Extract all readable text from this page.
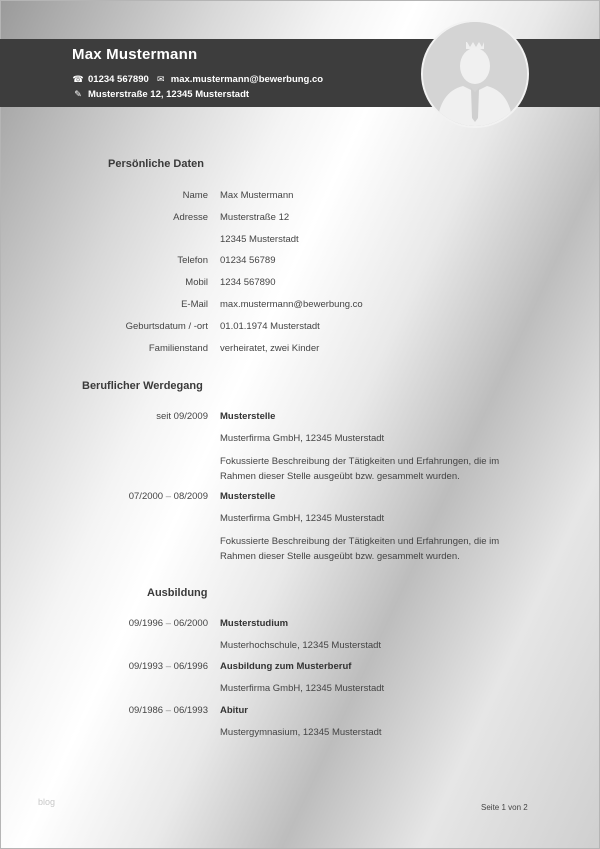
Max Mustermann
☎ 01234 567890 ✉ max.mustermann@bewerbung.co
✎ Musterstraße 12, 12345 Musterstadt
Persönliche Daten
Name Max Mustermann
Adresse Musterstraße 12
12345 Musterstadt
Telefon 01234 56789
Mobil 1234 567890
E-Mail max.mustermann@bewerbung.co
Geburtsdatum / -ort 01.01.1974 Musterstadt
Familienstand verheiratet, zwei Kinder
Beruflicher Werdegang
seit 09/2009 Musterstelle
Musterfirma GmbH, 12345 Musterstadt
Fokussierte Beschreibung der Tätigkeiten und Erfahrungen, die im Rahmen dieser Stelle ausgeübt bzw. gesammelt wurden.
07/2000 – 08/2009 Musterstelle
Musterfirma GmbH, 12345 Musterstadt
Fokussierte Beschreibung der Tätigkeiten und Erfahrungen, die im Rahmen dieser Stelle ausgeübt bzw. gesammelt wurden.
Ausbildung
09/1996 – 06/2000 Musterstudium
Musterhochschule, 12345 Musterstadt
09/1993 – 06/1996 Ausbildung zum Musterberuf
Musterfirma GmbH, 12345 Musterstadt
09/1986 – 06/1993 Abitur
Mustergymnasium, 12345 Musterstadt
blog
Seite 1 von 2
